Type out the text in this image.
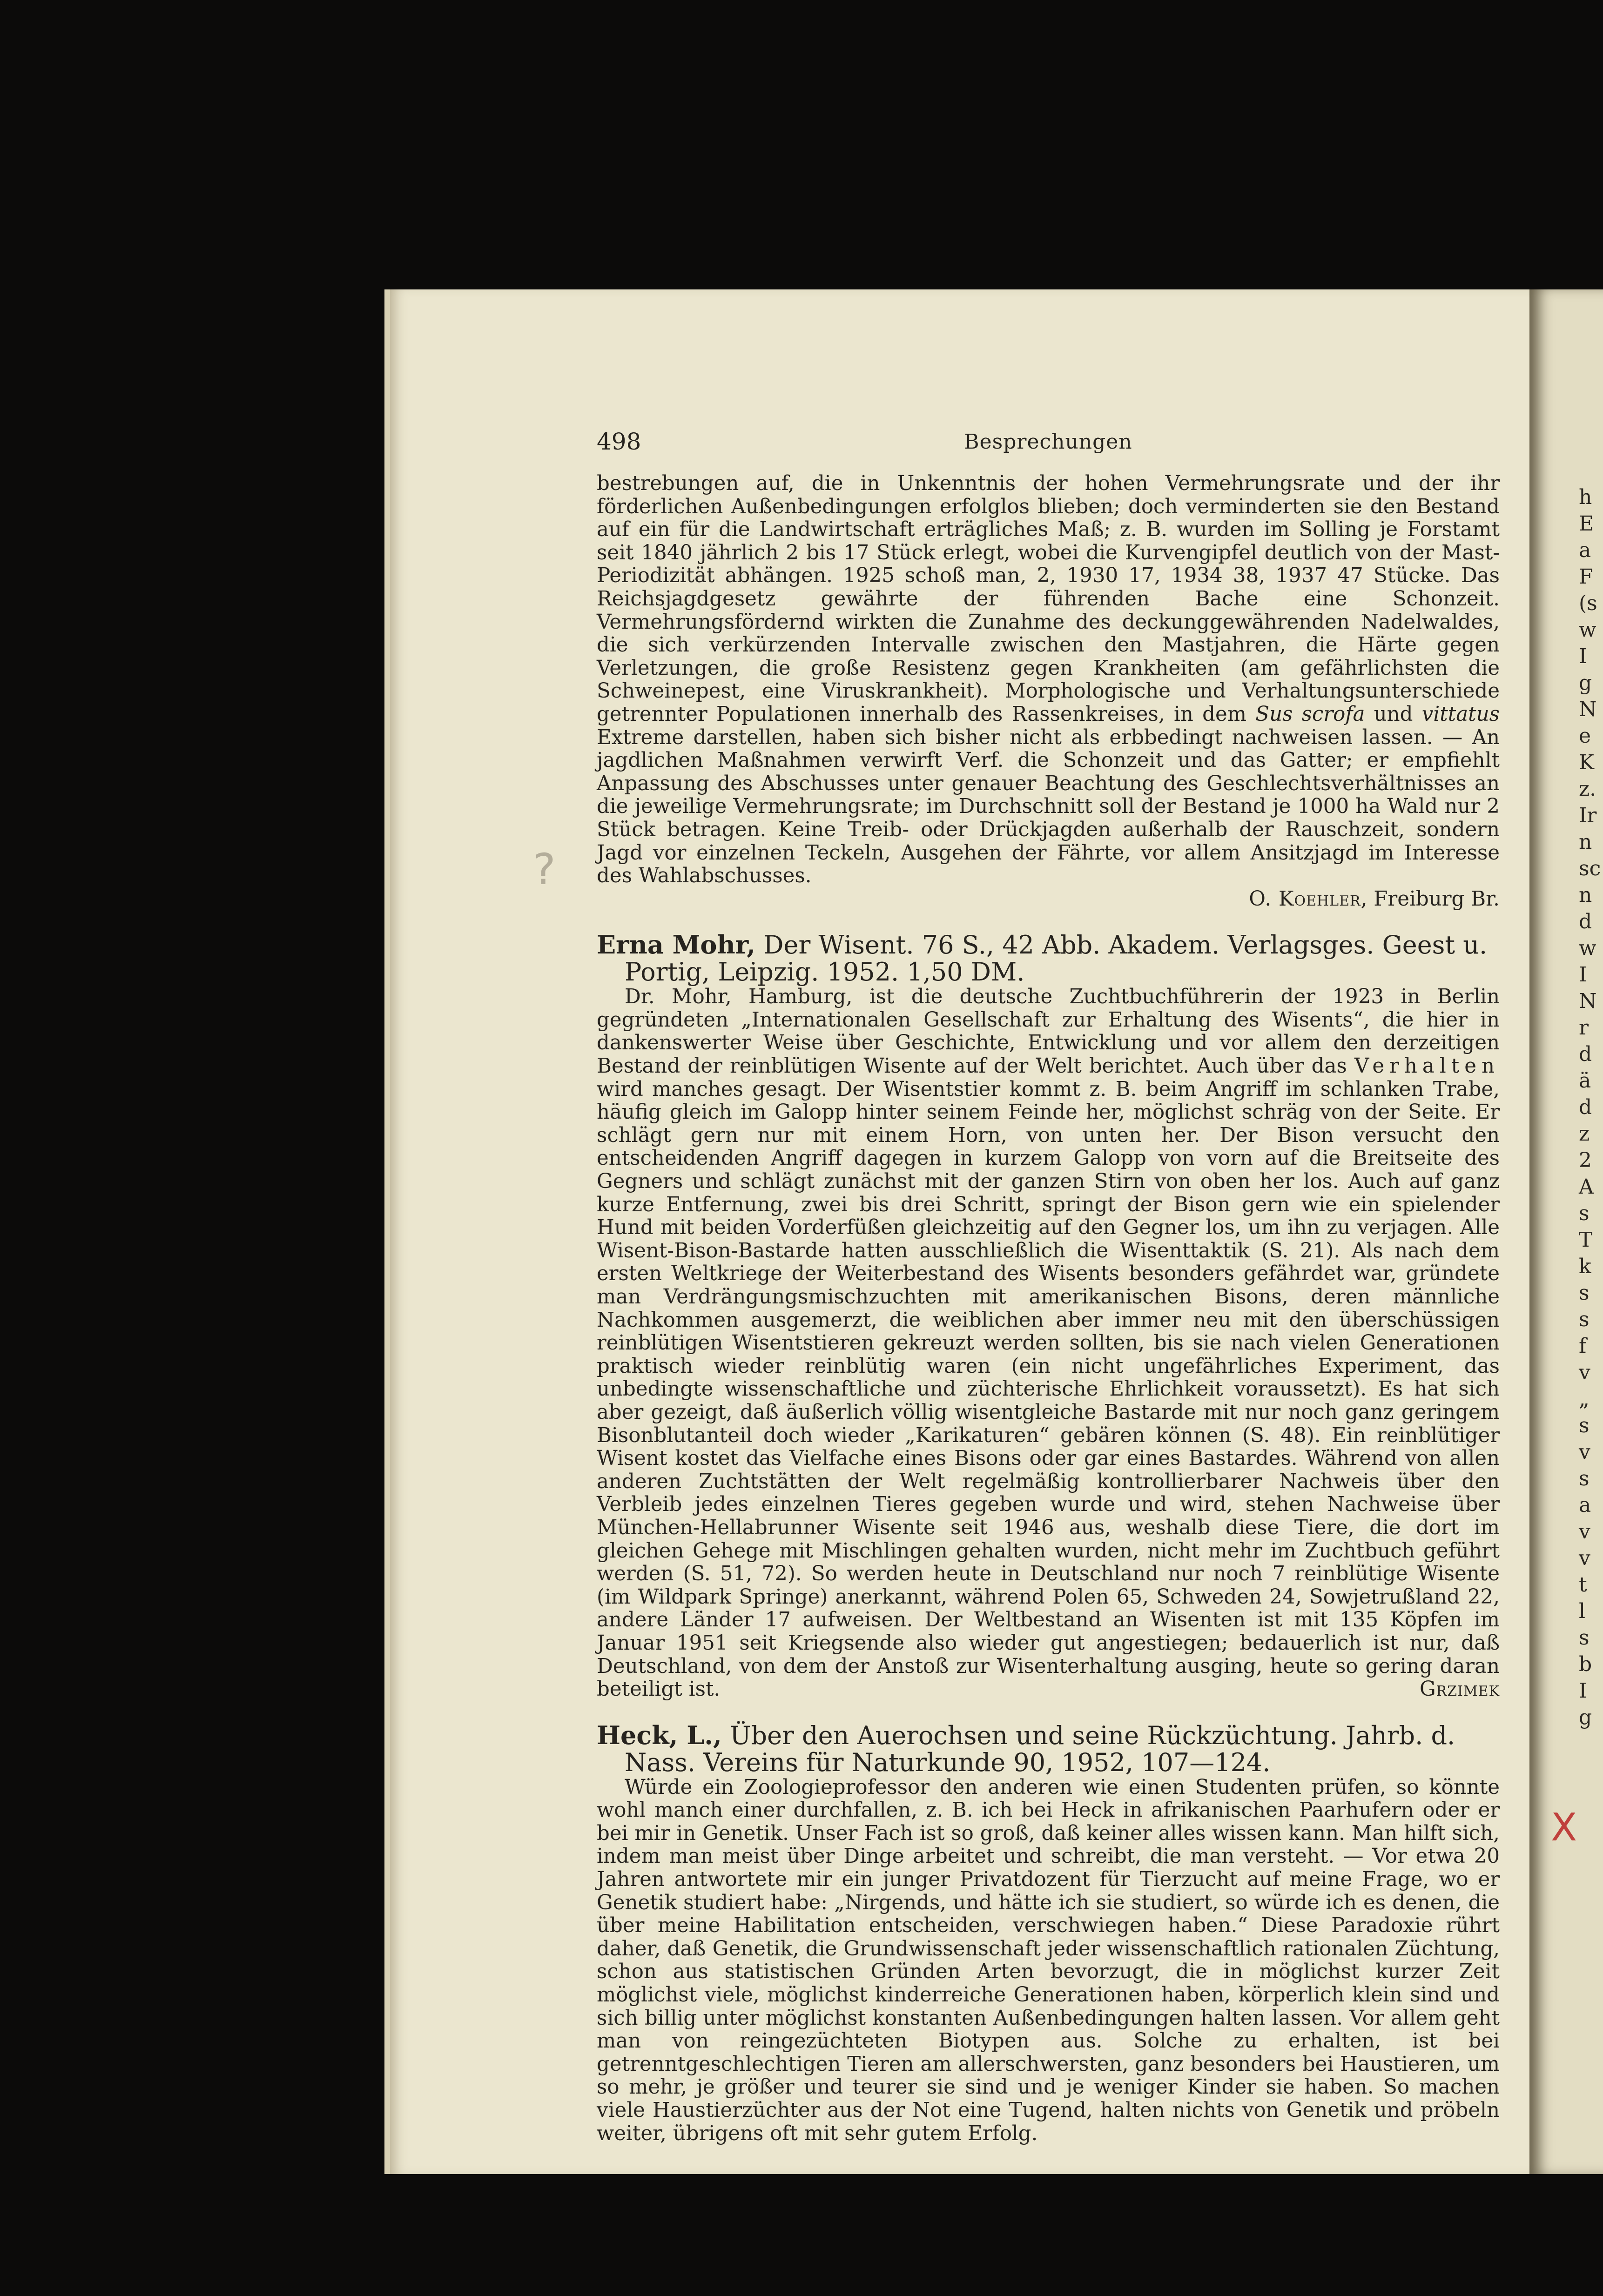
h
E
a
F
(s
w
I
g
N
e
K
z.
Ir
n
sc
n
d
w
I
N
r
d
ä
d
z
2
A
s
T
k
s
s
f
v
„
s
v
s
a
v
v
t
l
s
b
I
g
?
X
498	Besprechungen

bestrebungen auf, die in Unkenntnis der hohen Vermehrungsrate und der ihr förderlichen Außenbedingungen erfolglos blieben; doch verminderten sie den Bestand auf ein für die Landwirtschaft erträgliches Maß; z. B. wurden im Solling je Forstamt seit 1840 jährlich 2 bis 17 Stück erlegt, wobei die Kurvengipfel deutlich von der Mast-Periodizität abhängen. 1925 schoß man, 2, 1930 17, 1934 38, 1937 47 Stücke. Das Reichsjagdgesetz gewährte der führenden Bache eine Schonzeit. Vermehrungsfördernd wirkten die Zunahme des deckunggewährenden Nadelwaldes, die sich verkürzenden Intervalle zwischen den Mastjahren, die Härte gegen Verletzungen, die große Resistenz gegen Krankheiten (am gefährlichsten die Schweinepest, eine Viruskrankheit). Morphologische und Verhaltungsunterschiede getrennter Populationen innerhalb des Rassenkreises, in dem Sus scrofa und vittatus Extreme darstellen, haben sich bisher nicht als erbbedingt nachweisen lassen. — An jagdlichen Maßnahmen verwirft Verf. die Schonzeit und das Gatter; er empfiehlt Anpassung des Abschusses unter genauer Beachtung des Geschlechtsverhältnisses an die jeweilige Vermehrungsrate; im Durchschnitt soll der Bestand je 1000 ha Wald nur 2 Stück betragen. Keine Treib- oder Drückjagden außerhalb der Rauschzeit, sondern Jagd vor einzelnen Teckeln, Ausgehen der Fährte, vor allem Ansitzjagd im Interesse des Wahlabschusses.

O. Koehler, Freiburg Br.

Erna Mohr, Der Wisent. 76 S., 42 Abb. Akadem. Verlagsges. Geest u. Portig, Leipzig. 1952. 1,50 DM.

Dr. Mohr, Hamburg, ist die deutsche Zuchtbuchführerin der 1923 in Berlin gegründeten „Internationalen Gesellschaft zur Erhaltung des Wisents“, die hier in dankenswerter Weise über Geschichte, Entwicklung und vor allem den derzeitigen Bestand der reinblütigen Wisente auf der Welt berichtet. Auch über das Verhalten wird manches gesagt. Der Wisentstier kommt z. B. beim Angriff im schlanken Trabe, häufig gleich im Galopp hinter seinem Feinde her, möglichst schräg von der Seite. Er schlägt gern nur mit einem Horn, von unten her. Der Bison versucht den entscheidenden Angriff dagegen in kurzem Galopp von vorn auf die Breitseite des Gegners und schlägt zunächst mit der ganzen Stirn von oben her los. Auch auf ganz kurze Entfernung, zwei bis drei Schritt, springt der Bison gern wie ein spielender Hund mit beiden Vorderfüßen gleichzeitig auf den Gegner los, um ihn zu verjagen. Alle Wisent-Bison-Bastarde hatten ausschließlich die Wisenttaktik (S. 21). Als nach dem ersten Weltkriege der Weiterbestand des Wisents besonders gefährdet war, gründete man Verdrängungsmischzuchten mit amerikanischen Bisons, deren männliche Nachkommen ausgemerzt, die weiblichen aber immer neu mit den überschüssigen reinblütigen Wisentstieren gekreuzt werden sollten, bis sie nach vielen Generationen praktisch wieder reinblütig waren (ein nicht ungefährliches Experiment, das unbedingte wissenschaftliche und züchterische Ehrlichkeit voraussetzt). Es hat sich aber gezeigt, daß äußerlich völlig wisentgleiche Bastarde mit nur noch ganz geringem Bisonblutanteil doch wieder „Karikaturen“ gebären können (S. 48). Ein reinblütiger Wisent kostet das Vielfache eines Bisons oder gar eines Bastardes. Während von allen anderen Zuchtstätten der Welt regelmäßig kontrollierbarer Nachweis über den Verbleib jedes einzelnen Tieres gegeben wurde und wird, stehen Nachweise über München-Hellabrunner Wisente seit 1946 aus, weshalb diese Tiere, die dort im gleichen Gehege mit Mischlingen gehalten wurden, nicht mehr im Zuchtbuch geführt werden (S. 51, 72). So werden heute in Deutschland nur noch 7 reinblütige Wisente (im Wildpark Springe) anerkannt, während Polen 65, Schweden 24, Sowjetrußland 22, andere Länder 17 aufweisen. Der Weltbestand an Wisenten ist mit 135 Köpfen im Januar 1951 seit Kriegsende also wieder gut angestiegen; bedauerlich ist nur, daß Deutschland, von dem der Anstoß zur Wisenterhaltung ausging, heute so gering daran beteiligt ist.	Grzimek

Heck, L., Über den Auerochsen und seine Rückzüchtung. Jahrb. d. Nass. Vereins für Naturkunde 90, 1952, 107—124.

Würde ein Zoologieprofessor den anderen wie einen Studenten prüfen, so könnte wohl manch einer durchfallen, z. B. ich bei Heck in afrikanischen Paarhufern oder er bei mir in Genetik. Unser Fach ist so groß, daß keiner alles wissen kann. Man hilft sich, indem man meist über Dinge arbeitet und schreibt, die man versteht. — Vor etwa 20 Jahren antwortete mir ein junger Privatdozent für Tierzucht auf meine Frage, wo er Genetik studiert habe: „Nirgends, und hätte ich sie studiert, so würde ich es denen, die über meine Habilitation entscheiden, verschwiegen haben.“ Diese Paradoxie rührt daher, daß Genetik, die Grundwissenschaft jeder wissenschaftlich rationalen Züchtung, schon aus statistischen Gründen Arten bevorzugt, die in möglichst kurzer Zeit möglichst viele, möglichst kinderreiche Generationen haben, körperlich klein sind und sich billig unter möglichst konstanten Außenbedingungen halten lassen. Vor allem geht man von reingezüchteten Biotypen aus. Solche zu erhalten, ist bei getrenntgeschlechtigen Tieren am allerschwersten, ganz besonders bei Haustieren, um so mehr, je größer und teurer sie sind und je weniger Kinder sie haben. So machen viele Haustierzüchter aus der Not eine Tugend, halten nichts von Genetik und pröbeln weiter, übrigens oft mit sehr gutem Erfolg.
